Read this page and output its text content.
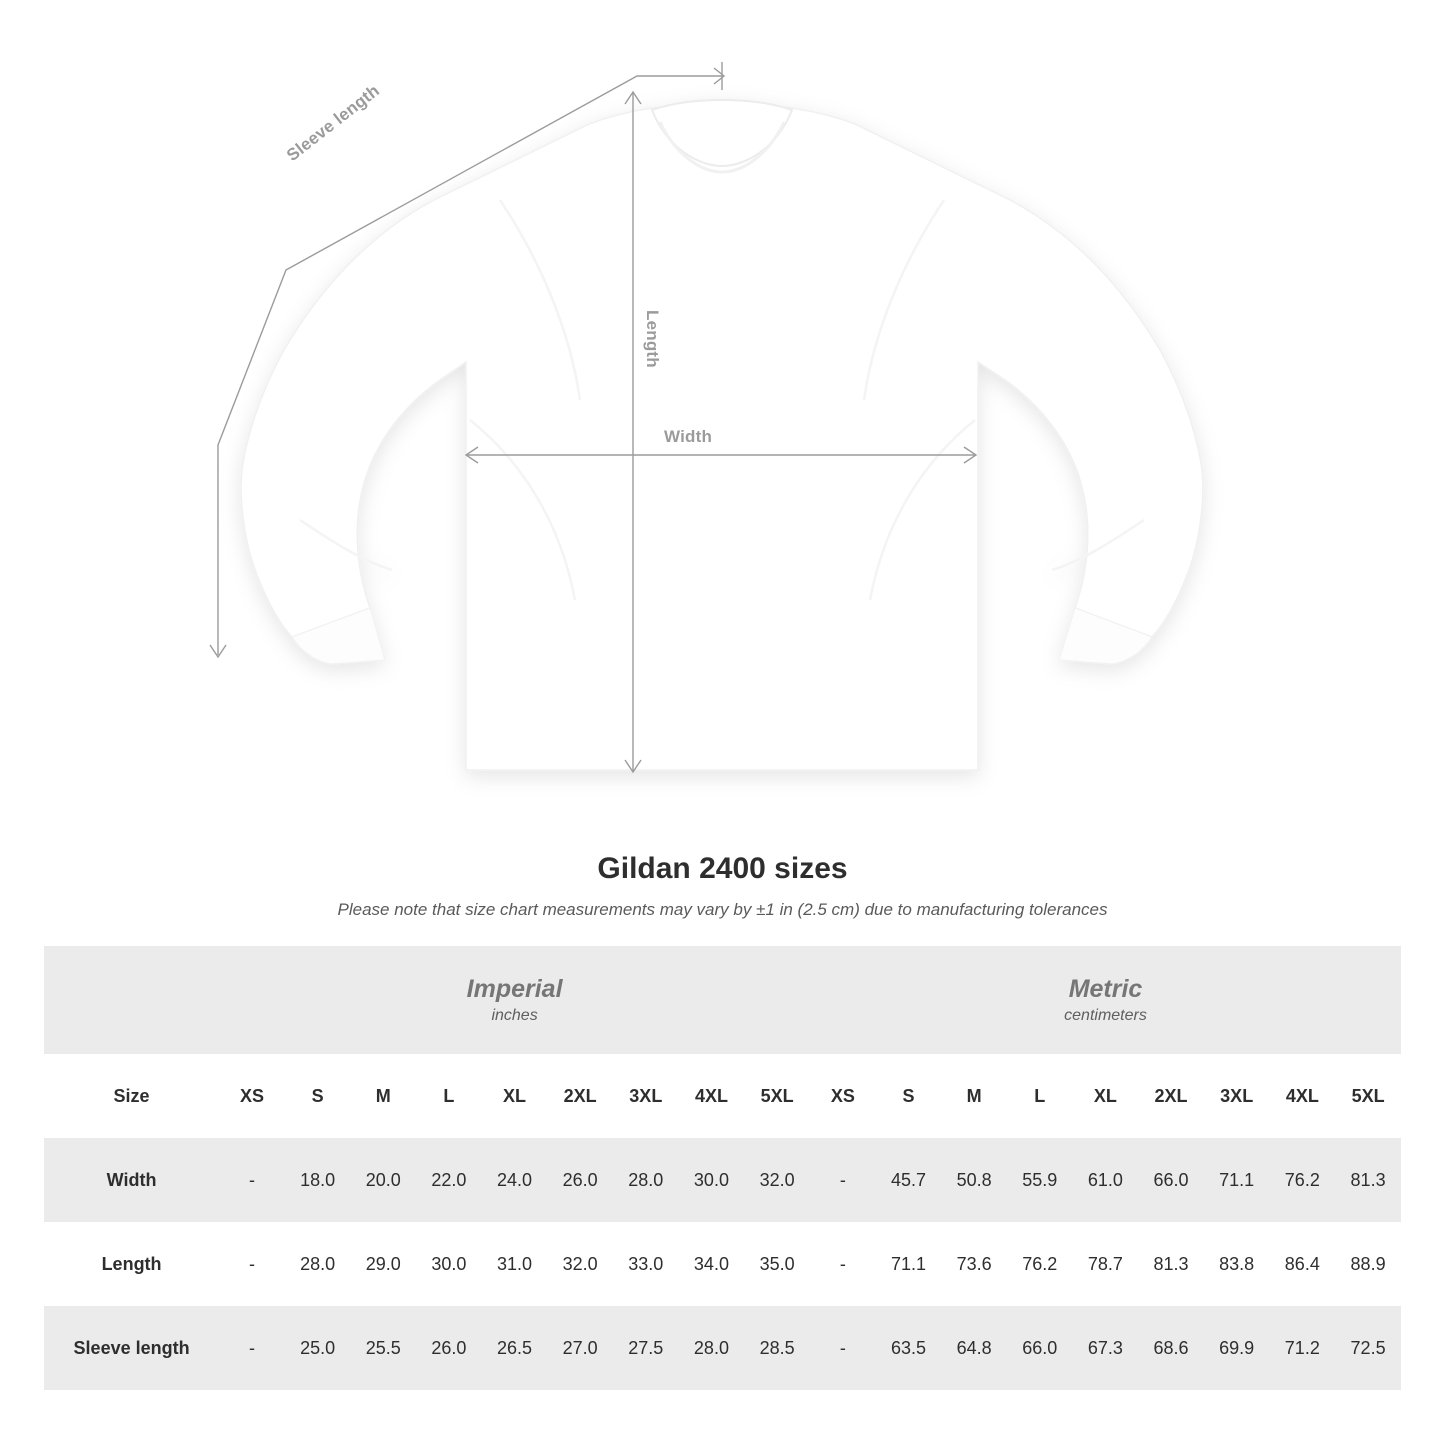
Sleeve length
Length
Width
Gildan 2400 sizes

Please note that size chart measurements may vary by ±1 in (2.5 cm) due to manufacturing tolerances

Imperial
inches

Metric
centimeters

Size	XS	S	M	L	XL	2XL	3XL	4XL	5XL	XS	S	M	L	XL	2XL	3XL	4XL	5XL
Width	-	18.0	20.0	22.0	24.0	26.0	28.0	30.0	32.0	-	45.7	50.8	55.9	61.0	66.0	71.1	76.2	81.3
Length	-	28.0	29.0	30.0	31.0	32.0	33.0	34.0	35.0	-	71.1	73.6	76.2	78.7	81.3	83.8	86.4	88.9
Sleeve length	-	25.0	25.5	26.0	26.5	27.0	27.5	28.0	28.5	-	63.5	64.8	66.0	67.3	68.6	69.9	71.2	72.5
